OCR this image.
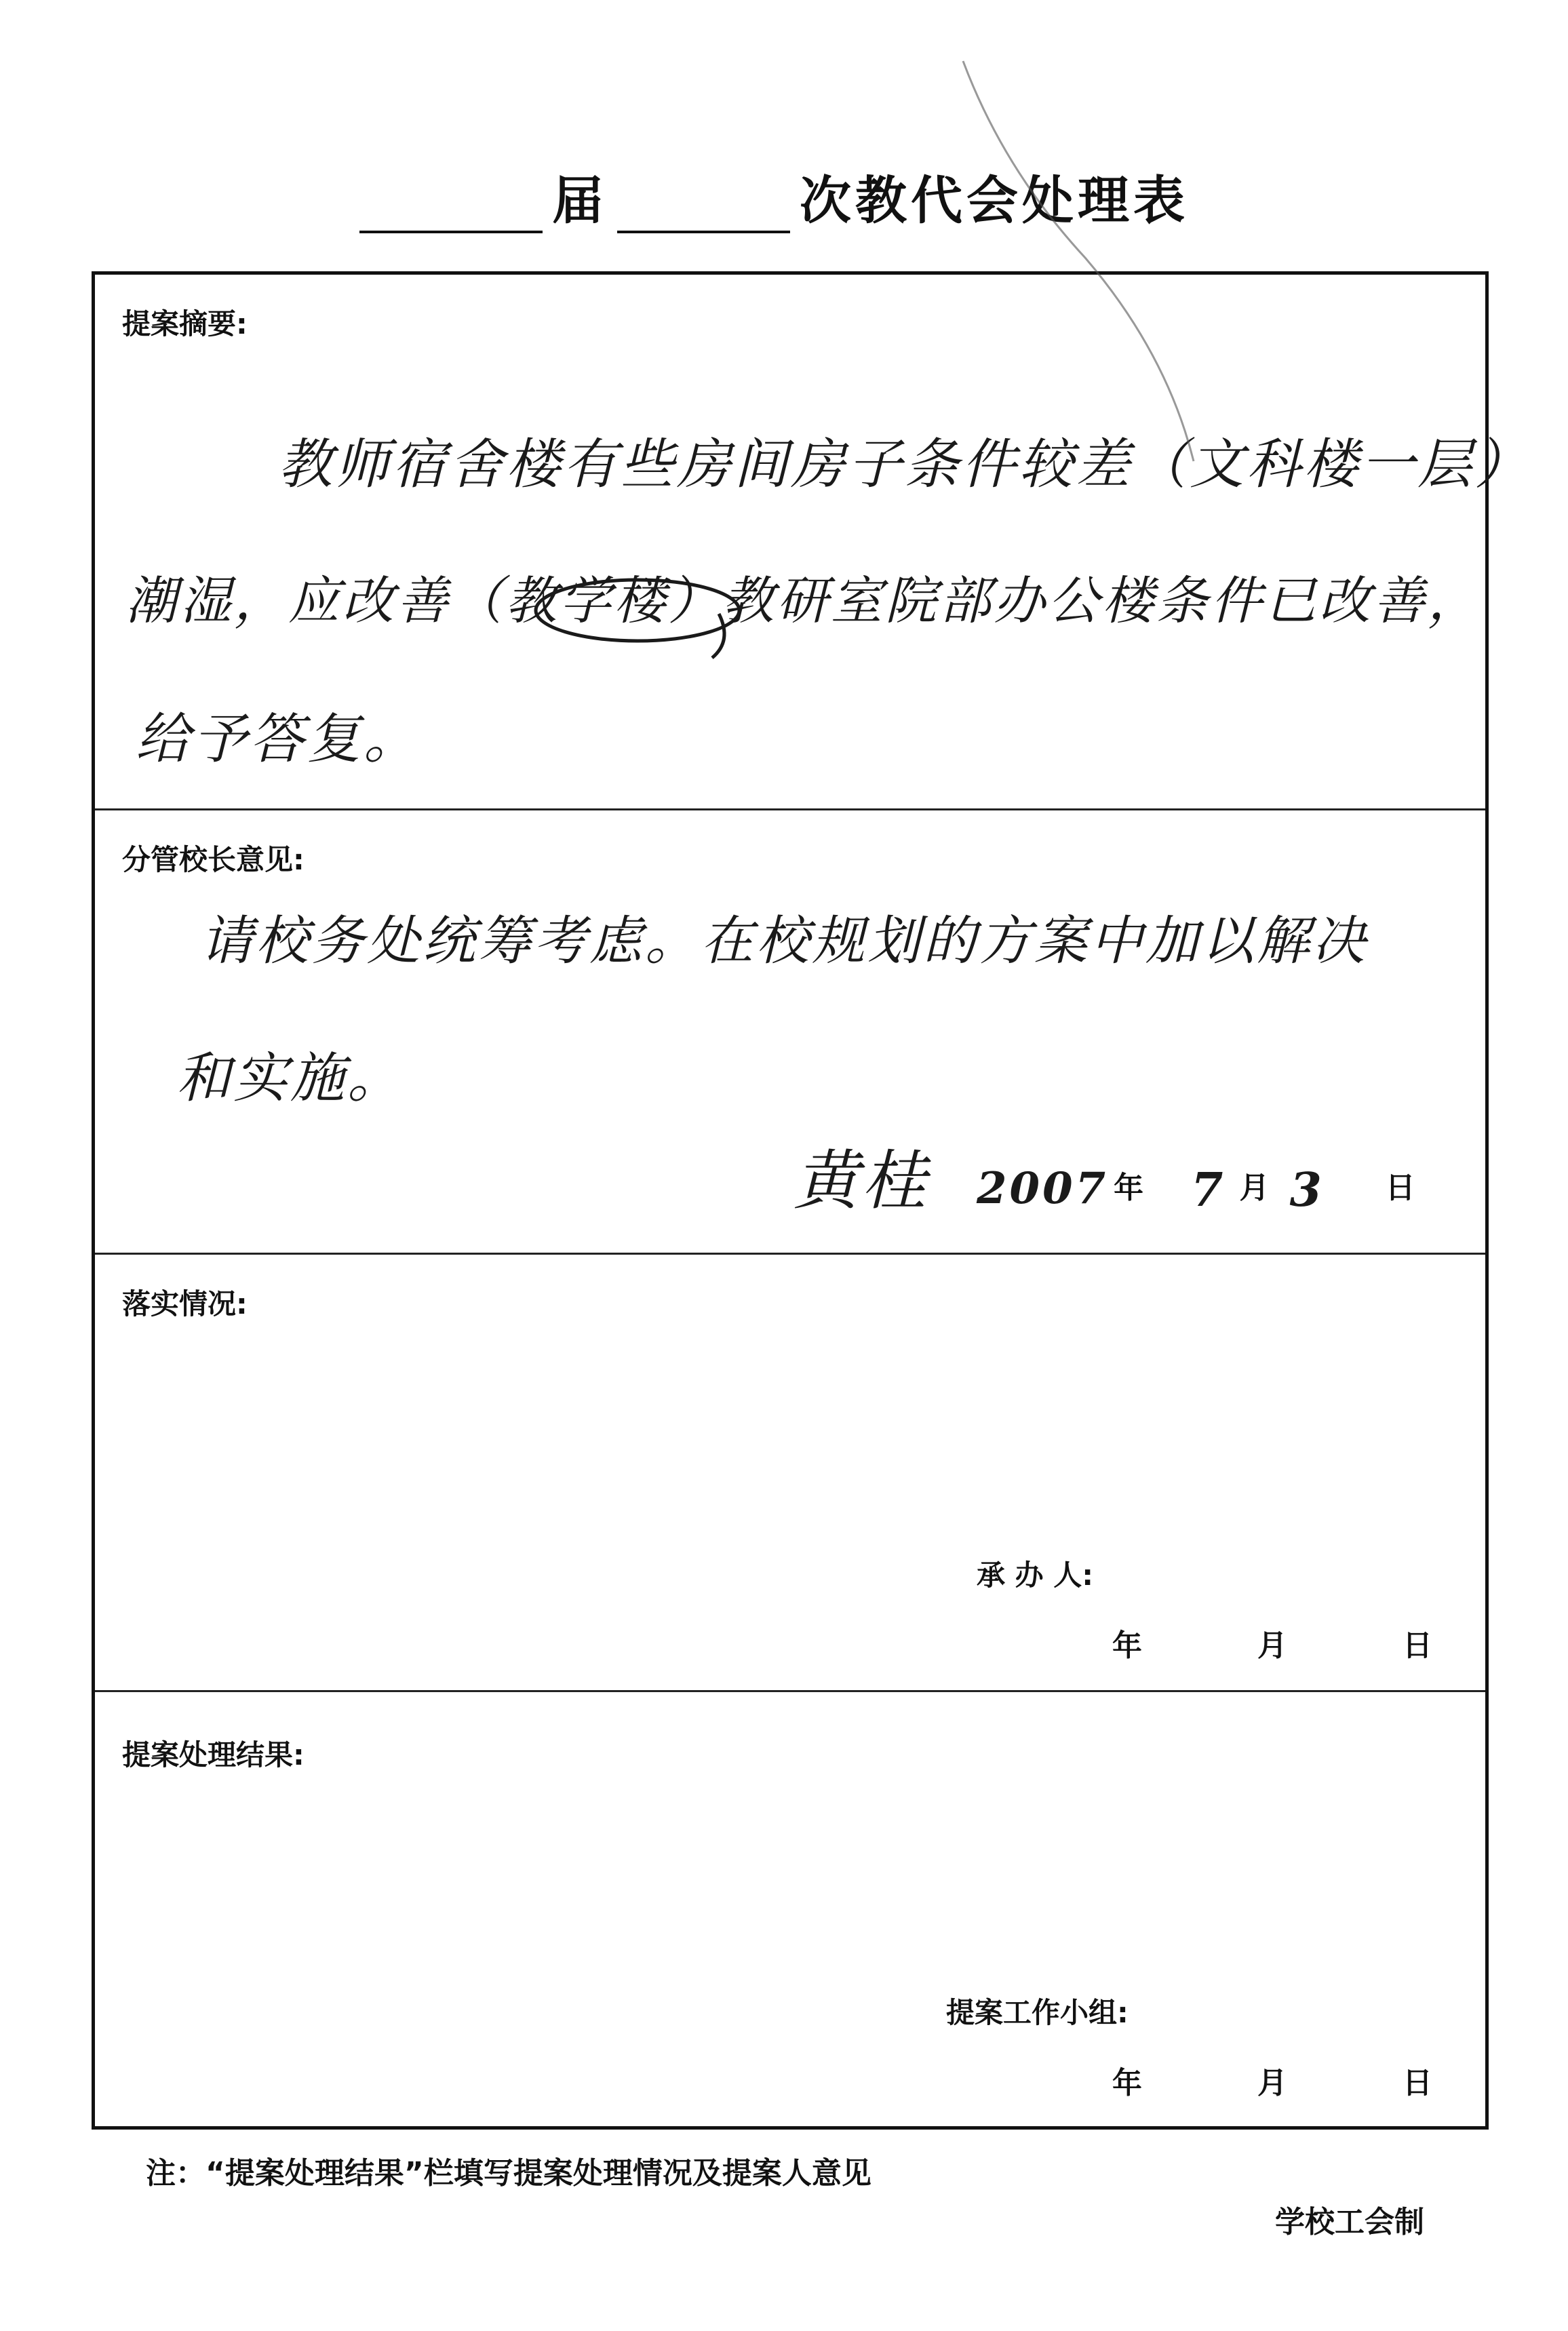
届	次教代会处理表
提案摘要:
教师宿舍楼有些房间房子条件较差（文科楼一层）
潮湿，应改善（教学楼）教研室院部办公楼条件已改善，
给予答复。
分管校长意见:
请校务处统筹考虑。在校规划的方案中加以解决
和实施。
黄桂 2007 年 7 月 3 日
落实情况:
承 办 人:
年	月	日
提案处理结果:
提案工作小组:
年	月	日
注：“提案处理结果”栏填写提案处理情况及提案人意见
学校工会制
